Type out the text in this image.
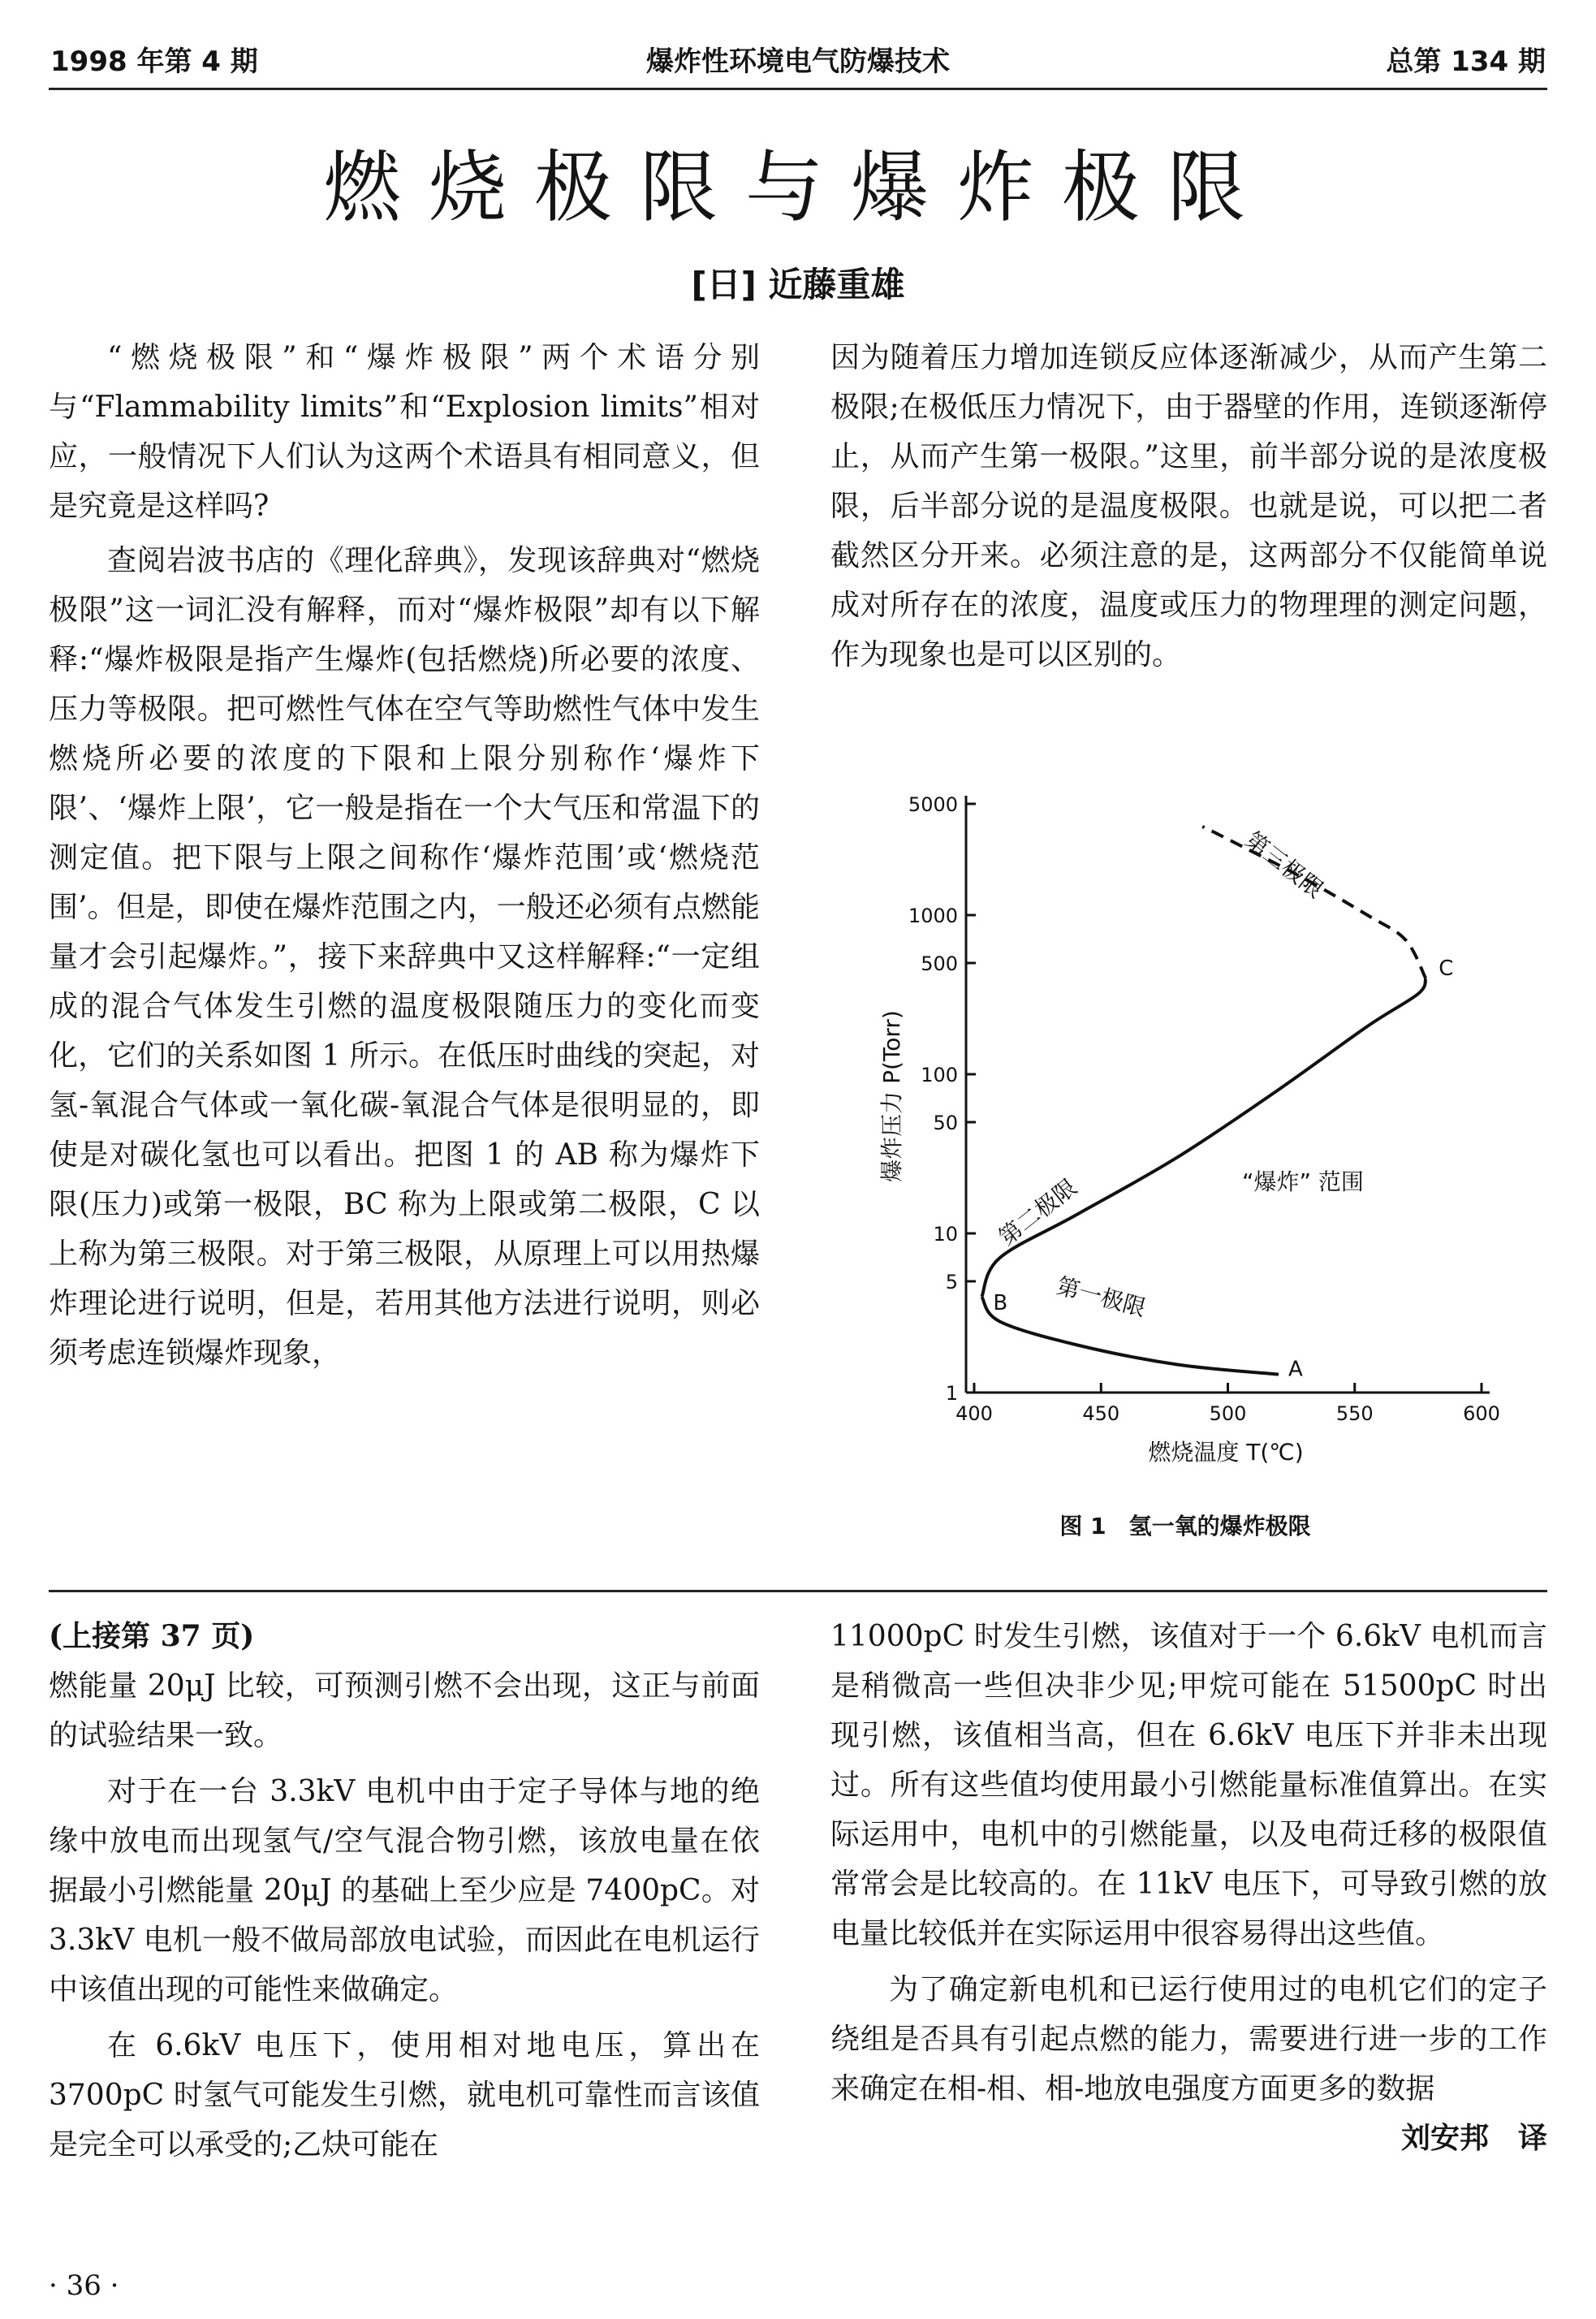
1998 年第 4 期	爆炸性环境电气防爆技术	总第 134 期
燃烧极限与爆炸极限
[日] 近藤重雄

“燃烧极限”和“爆炸极限”两个术语分别与“Flammability limits”和“Explosion limits”相对应，一般情况下人们认为这两个术语具有相同意义，但是究竟是这样吗?

查阅岩波书店的《理化辞典》，发现该辞典对“燃烧极限”这一词汇没有解释，而对“爆炸极限”却有以下解释:“爆炸极限是指产生爆炸(包括燃烧)所必要的浓度、压力等极限。把可燃性气体在空气等助燃性气体中发生燃烧所必要的浓度的下限和上限分别称作‘爆炸下限’、‘爆炸上限’，它一般是指在一个大气压和常温下的测定值。把下限与上限之间称作‘爆炸范围’或‘燃烧范围’。但是，即使在爆炸范围之内，一般还必须有点燃能量才会引起爆炸。”，接下来辞典中又这样解释:“一定组成的混合气体发生引燃的温度极限随压力的变化而变化，它们的关系如图 1 所示。在低压时曲线的突起，对氢-氧混合气体或一氧化碳-氧混合气体是很明显的，即使是对碳化氢也可以看出。把图 1 的 AB 称为爆炸下限(压力)或第一极限，BC 称为上限或第二极限，C 以上称为第三极限。对于第三极限，从原理上可以用热爆炸理论进行说明，但是，若用其他方法进行说明，则必须考虑连锁爆炸现象，

因为随着压力增加连锁反应体逐渐减少，从而产生第二极限;在极低压力情况下，由于器壁的作用，连锁逐渐停止，从而产生第一极限。”这里，前半部分说的是浓度极限，后半部分说的是温度极限。也就是说，可以把二者截然区分开来。必须注意的是，这两部分不仅能简单说成对所存在的浓度，温度或压力的物理理的测定问题，作为现象也是可以区别的。

5000
1000
500
100
50
10
5
1
400	450	500	550	600
A
B
C
第二极限
第一极限
第三极限
“爆炸” 范围
爆炸压力 P(Torr)
燃烧温度 T(℃)
图 1　氢一氧的爆炸极限

(上接第 37 页)

燃能量 20μJ 比较，可预测引燃不会出现，这正与前面的试验结果一致。

对于在一台 3.3kV 电机中由于定子导体与地的绝缘中放电而出现氢气/空气混合物引燃，该放电量在依据最小引燃能量 20μJ 的基础上至少应是 7400pC。对 3.3kV 电机一般不做局部放电试验，而因此在电机运行中该值出现的可能性来做确定。

在 6.6kV 电压下，使用相对地电压，算出在 3700pC 时氢气可能发生引燃，就电机可靠性而言该值是完全可以承受的;乙炔可能在

11000pC 时发生引燃，该值对于一个 6.6kV 电机而言是稍微高一些但决非少见;甲烷可能在 51500pC 时出现引燃，该值相当高，但在 6.6kV 电压下并非未出现过。所有这些值均使用最小引燃能量标准值算出。在实际运用中，电机中的引燃能量，以及电荷迁移的极限值常常会是比较高的。在 11kV 电压下，可导致引燃的放电量比较低并在实际运用中很容易得出这些值。

为了确定新电机和已运行使用过的电机它们的定子绕组是否具有引起点燃的能力，需要进行进一步的工作来确定在相-相、相-地放电强度方面更多的数据
刘安邦　译

· 36 ·
